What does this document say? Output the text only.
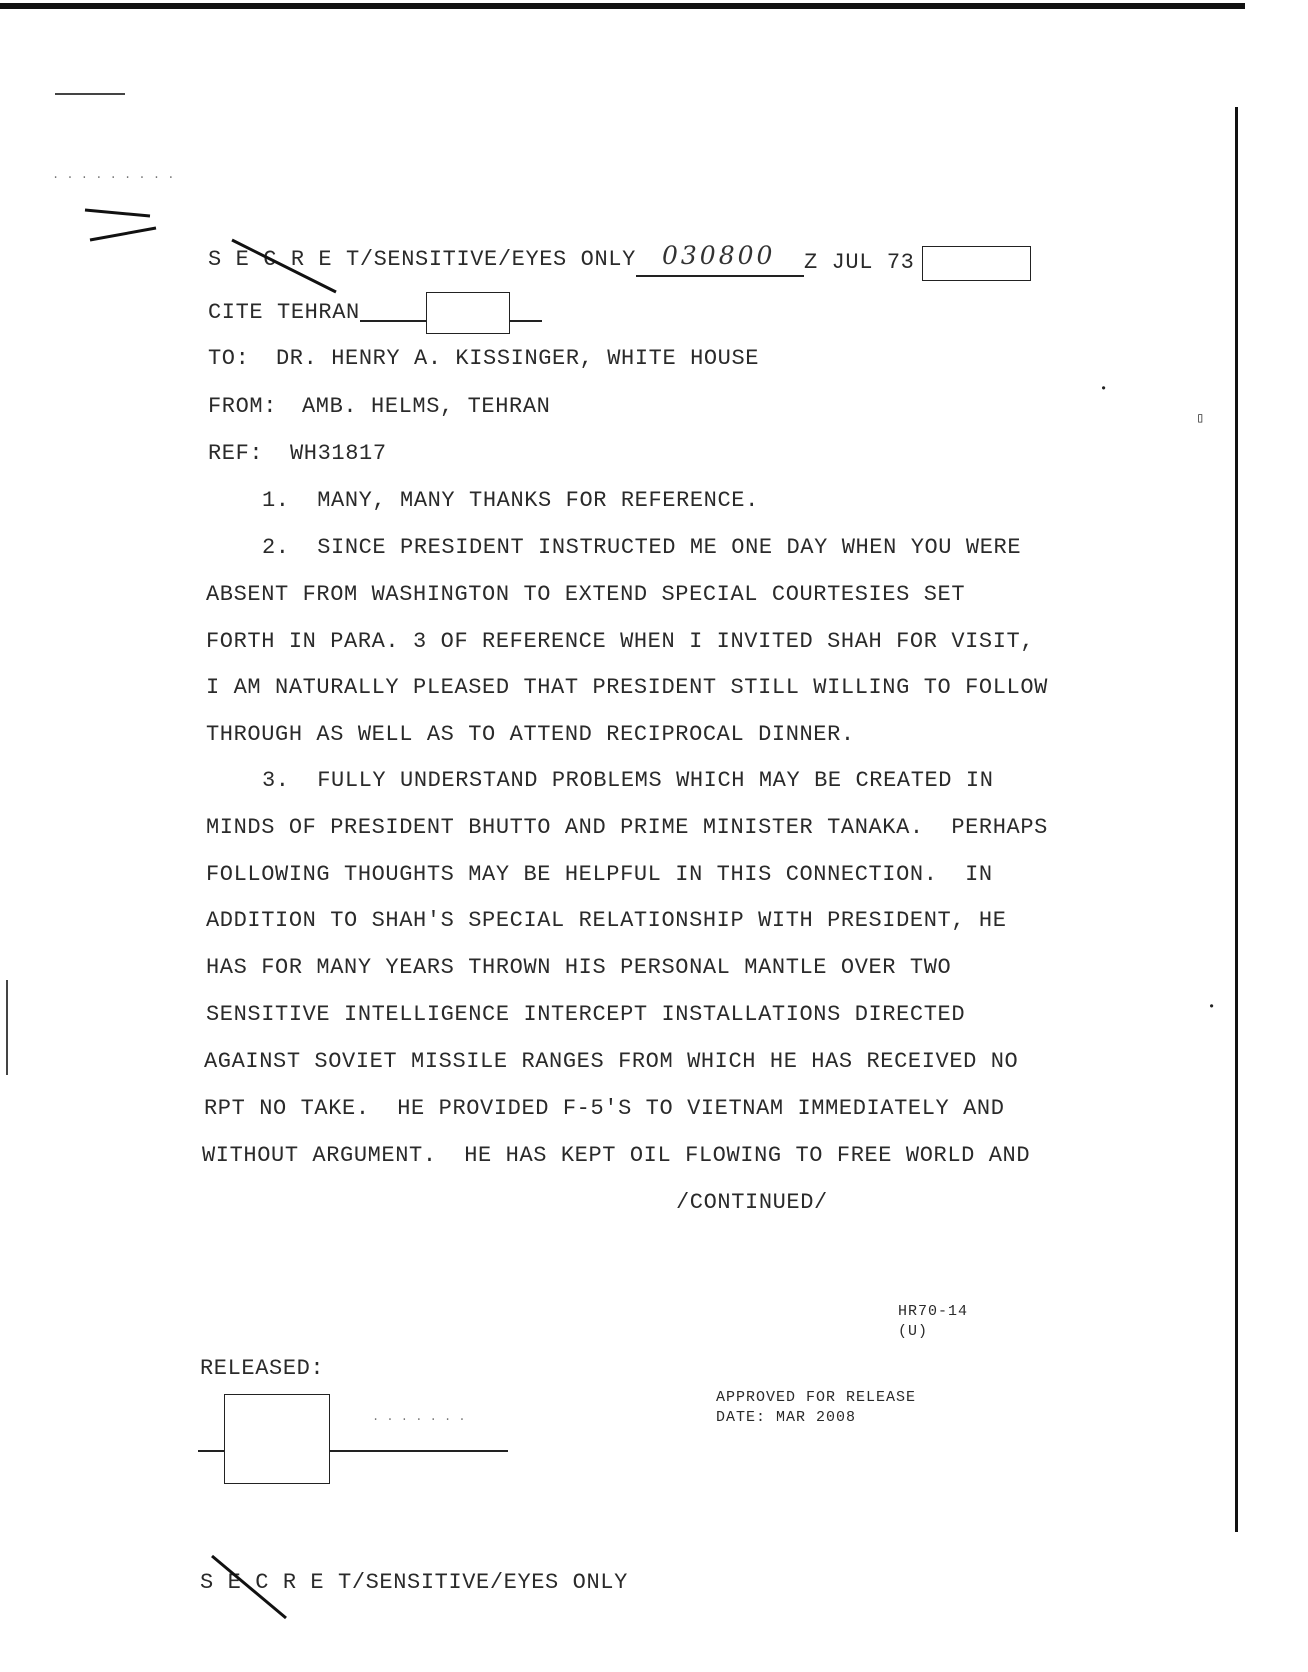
. . . . . . . . .
S E C R E T/SENSITIVE/EYES ONLY 030800 Z JUL 73
CITE TEHRAN
TO: DR. HENRY A. KISSINGER, WHITE HOUSE
FROM: AMB. HELMS, TEHRAN
REF: WH31817
1.  MANY, MANY THANKS FOR REFERENCE.
2.  SINCE PRESIDENT INSTRUCTED ME ONE DAY WHEN YOU WERE
ABSENT FROM WASHINGTON TO EXTEND SPECIAL COURTESIES SET
FORTH IN PARA. 3 OF REFERENCE WHEN I INVITED SHAH FOR VISIT,
I AM NATURALLY PLEASED THAT PRESIDENT STILL WILLING TO FOLLOW
THROUGH AS WELL AS TO ATTEND RECIPROCAL DINNER.
3.  FULLY UNDERSTAND PROBLEMS WHICH MAY BE CREATED IN
MINDS OF PRESIDENT BHUTTO AND PRIME MINISTER TANAKA.  PERHAPS
FOLLOWING THOUGHTS MAY BE HELPFUL IN THIS CONNECTION.  IN
ADDITION TO SHAH'S SPECIAL RELATIONSHIP WITH PRESIDENT, HE
HAS FOR MANY YEARS THROWN HIS PERSONAL MANTLE OVER TWO
SENSITIVE INTELLIGENCE INTERCEPT INSTALLATIONS DIRECTED
AGAINST SOVIET MISSILE RANGES FROM WHICH HE HAS RECEIVED NO
RPT NO TAKE.  HE PROVIDED F-5'S TO VIETNAM IMMEDIATELY AND
WITHOUT ARGUMENT.  HE HAS KEPT OIL FLOWING TO FREE WORLD AND
/CONTINUED/
HR70-14
(U)
RELEASED:
. . . . . . .
APPROVED FOR RELEASE
DATE: MAR 2008
S E C R E T/SENSITIVE/EYES ONLY
▯
•
•
